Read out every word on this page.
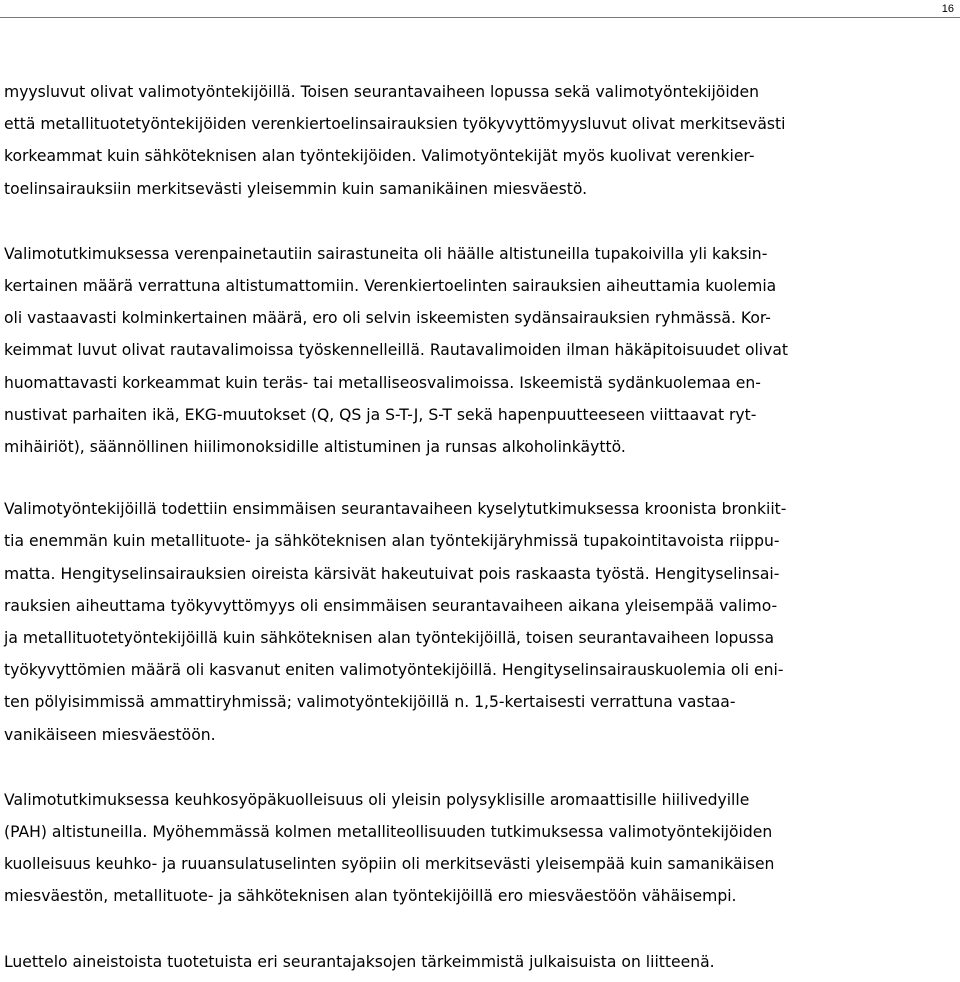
16

myysluvut olivat valimotyöntekijöillä. Toisen seurantavaiheen lopussa sekä valimotyöntekijöiden
että metallituotetyöntekijöiden verenkiertoelinsairauksien työkyvyttömyysluvut olivat merkitsevästi
korkeammat kuin sähköteknisen alan työntekijöiden. Valimotyöntekijät myös kuolivat verenkier-
toelinsairauksiin merkitsevästi yleisemmin kuin samanikäinen miesväestö.

Valimotutkimuksessa verenpainetautiin sairastuneita oli häälle altistuneilla tupakoivilla yli kaksin-
kertainen määrä verrattuna altistumattomiin. Verenkiertoelinten sairauksien aiheuttamia kuolemia
oli vastaavasti kolminkertainen määrä, ero oli selvin iskeemisten sydänsairauksien ryhmässä. Kor-
keimmat luvut olivat rautavalimoissa työskennelleillä. Rautavalimoiden ilman häkäpitoisuudet olivat
huomattavasti korkeammat kuin teräs- tai metalliseosvalimoissa. Iskeemistä sydänkuolemaa en-
nustivat parhaiten ikä, EKG-muutokset (Q, QS ja S-T-J, S-T sekä hapenpuutteeseen viittaavat ryt-
mihäiriöt), säännöllinen hiilimonoksidille altistuminen ja runsas alkoholinkäyttö.

Valimotyöntekijöillä todettiin ensimmäisen seurantavaiheen kyselytutkimuksessa kroonista bronkiit-
tia enemmän kuin metallituote- ja sähköteknisen alan työntekijäryhmissä tupakointitavoista riippu-
matta. Hengityselinsairauksien oireista kärsivät hakeutuivat pois raskaasta työstä. Hengityselinsai-
rauksien aiheuttama työkyvyttömyys oli ensimmäisen seurantavaiheen aikana yleisempää valimo-
ja metallituotetyöntekijöillä kuin sähköteknisen alan työntekijöillä, toisen seurantavaiheen lopussa
työkyvyttömien määrä oli kasvanut eniten valimotyöntekijöillä. Hengityselinsairauskuolemia oli eni-
ten pölyisimmissä ammattiryhmissä; valimotyöntekijöillä n. 1,5-kertaisesti verrattuna vastaa-
vanikäiseen miesväestöön.

Valimotutkimuksessa keuhkosyöpäkuolleisuus oli yleisin polysyklisille aromaattisille hiilivedyille
(PAH) altistuneilla. Myöhemmässä kolmen metalliteollisuuden tutkimuksessa valimotyöntekijöiden
kuolleisuus keuhko- ja ruuansulatuselinten syöpiin oli merkitsevästi yleisempää kuin samanikäisen
miesväestön, metallituote- ja sähköteknisen alan työntekijöillä ero miesväestöön vähäisempi.

Luettelo aineistoista tuotetuista eri seurantajaksojen tärkeimmistä julkaisuista on liitteenä.
